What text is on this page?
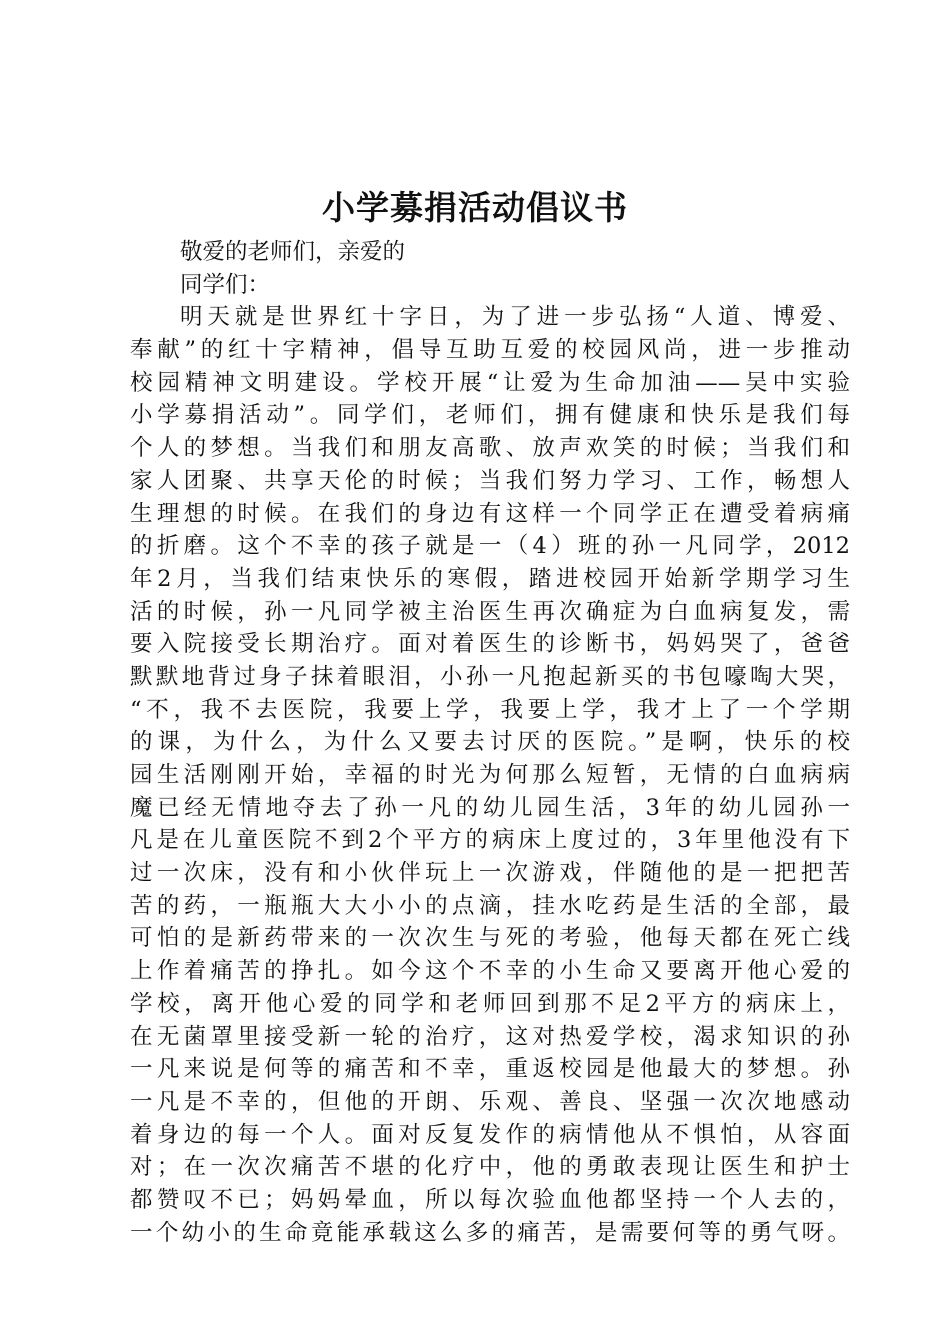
小学募捐活动倡议书
敬爱的老师们，亲爱的
同学们：
明天就是世界红十字日，为了进一步弘扬“人道、博爱、
奉献”的红十字精神，倡导互助互爱的校园风尚，进一步推动
校园精神文明建设。学校开展“让爱为生命加油——吴中实验
小学募捐活动”。同学们，老师们，拥有健康和快乐是我们每
个人的梦想。当我们和朋友高歌、放声欢笑的时候；当我们和
家人团聚、共享天伦的时候；当我们努力学习、工作，畅想人
生理想的时候。在我们的身边有这样一个同学正在遭受着病痛
的折磨。这个不幸的孩子就是一（4）班的孙一凡同学，2012
年2月，当我们结束快乐的寒假，踏进校园开始新学期学习生
活的时候，孙一凡同学被主治医生再次确症为白血病复发，需
要入院接受长期治疗。面对着医生的诊断书，妈妈哭了，爸爸
默默地背过身子抹着眼泪，小孙一凡抱起新买的书包嚎啕大哭，
“不，我不去医院，我要上学，我要上学，我才上了一个学期
的课，为什么，为什么又要去讨厌的医院。”是啊，快乐的校
园生活刚刚开始，幸福的时光为何那么短暂，无情的白血病病
魔已经无情地夺去了孙一凡的幼儿园生活，3年的幼儿园孙一
凡是在儿童医院不到2个平方的病床上度过的，3年里他没有下
过一次床，没有和小伙伴玩上一次游戏，伴随他的是一把把苦
苦的药，一瓶瓶大大小小的点滴，挂水吃药是生活的全部，最
可怕的是新药带来的一次次生与死的考验，他每天都在死亡线
上作着痛苦的挣扎。如今这个不幸的小生命又要离开他心爱的
学校，离开他心爱的同学和老师回到那不足2平方的病床上，
在无菌罩里接受新一轮的治疗，这对热爱学校，渴求知识的孙
一凡来说是何等的痛苦和不幸，重返校园是他最大的梦想。孙
一凡是不幸的，但他的开朗、乐观、善良、坚强一次次地感动
着身边的每一个人。面对反复发作的病情他从不惧怕，从容面
对；在一次次痛苦不堪的化疗中，他的勇敢表现让医生和护士
都赞叹不已；妈妈晕血，所以每次验血他都坚持一个人去的，
一个幼小的生命竟能承载这么多的痛苦，是需要何等的勇气呀。
